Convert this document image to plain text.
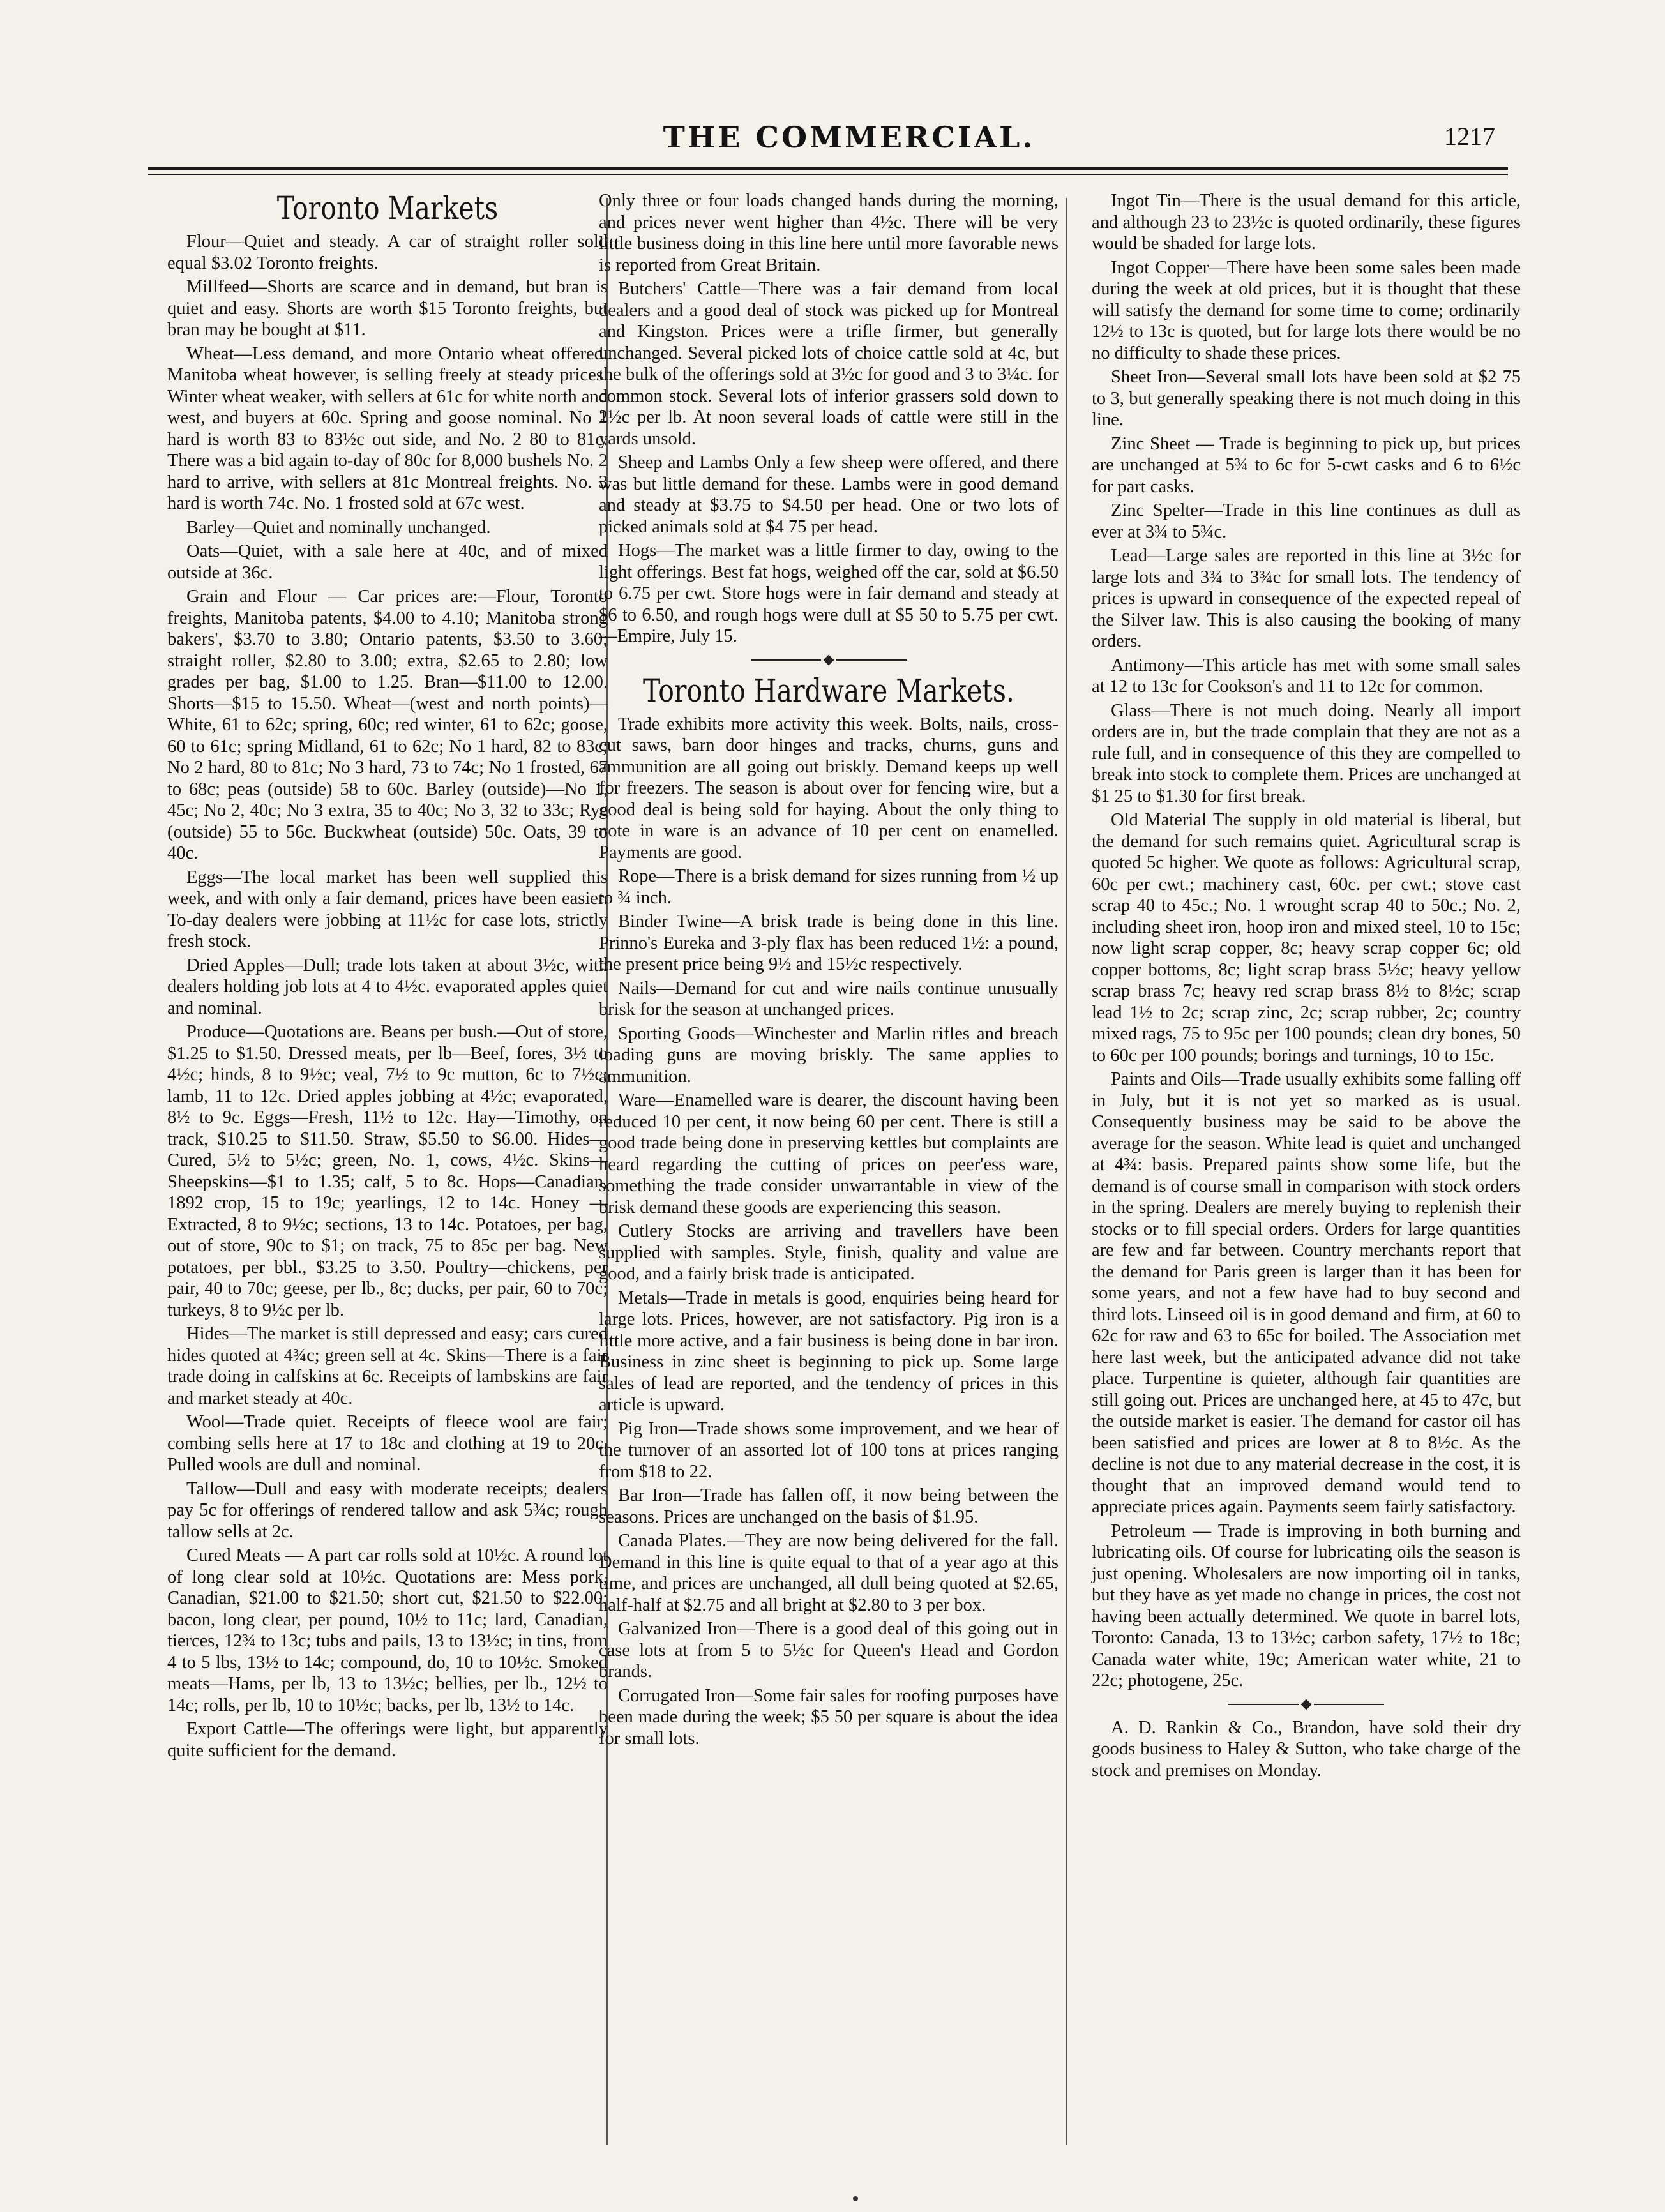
THE COMMERCIAL.	1217
Toronto Markets

Flour—Quiet and steady. A car of straight roller sold equal $3.02 Toronto freights.

Millfeed—Shorts are scarce and in demand, but bran is quiet and easy. Shorts are worth $15 Toronto freights, but bran may be bought at $11.

Wheat—Less demand, and more Ontario wheat offered. Manitoba wheat however, is selling freely at steady prices. Winter wheat weaker, with sellers at 61c for white north and west, and buyers at 60c. Spring and goose nominal. No 1 hard is worth 83 to 83½c out side, and No. 2 80 to 81c. There was a bid again to-day of 80c for 8,000 bushels No. 2 hard to arrive, with sellers at 81c Montreal freights. No. 3 hard is worth 74c. No. 1 frosted sold at 67c west.

Barley—Quiet and nominally unchanged.

Oats—Quiet, with a sale here at 40c, and of mixed outside at 36c.

Grain and Flour — Car prices are:—Flour, Toronto freights, Manitoba patents, $4.00 to 4.10; Manitoba strong bakers', $3.70 to 3.80; Ontario patents, $3.50 to 3.60; straight roller, $2.80 to 3.00; extra, $2.65 to 2.80; low grades per bag, $1.00 to 1.25. Bran—$11.00 to 12.00. Shorts—$15 to 15.50. Wheat—(west and north points)—White, 61 to 62c; spring, 60c; red winter, 61 to 62c; goose, 60 to 61c; spring Midland, 61 to 62c; No 1 hard, 82 to 83c; No 2 hard, 80 to 81c; No 3 hard, 73 to 74c; No 1 frosted, 67 to 68c; peas (outside) 58 to 60c. Barley (outside)—No 1, 45c; No 2, 40c; No 3 extra, 35 to 40c; No 3, 32 to 33c; Rye (outside) 55 to 56c. Buckwheat (outside) 50c. Oats, 39 to 40c.

Eggs—The local market has been well supplied this week, and with only a fair demand, prices have been easier. To-day dealers were jobbing at 11½c for case lots, strictly fresh stock.

Dried Apples—Dull; trade lots taken at about 3½c, with dealers holding job lots at 4 to 4½c. evaporated apples quiet and nominal.

Produce—Quotations are. Beans per bush.—Out of store, $1.25 to $1.50. Dressed meats, per lb—Beef, fores, 3½ to 4½c; hinds, 8 to 9½c; veal, 7½ to 9c mutton, 6c to 7½c; lamb, 11 to 12c. Dried apples jobbing at 4½c; evaporated, 8½ to 9c. Eggs—Fresh, 11½ to 12c. Hay—Timothy, on track, $10.25 to $11.50. Straw, $5.50 to $6.00. Hides—Cured, 5½ to 5½c; green, No. 1, cows, 4½c. Skins—Sheepskins—$1 to 1.35; calf, 5 to 8c. Hops—Canadian, 1892 crop, 15 to 19c; yearlings, 12 to 14c. Honey — Extracted, 8 to 9½c; sections, 13 to 14c. Potatoes, per bag, out of store, 90c to $1; on track, 75 to 85c per bag. New potatoes, per bbl., $3.25 to 3.50. Poultry—chickens, per pair, 40 to 70c; geese, per lb., 8c; ducks, per pair, 60 to 70c; turkeys, 8 to 9½c per lb.

Hides—The market is still depressed and easy; cars cured hides quoted at 4¾c; green sell at 4c. Skins—There is a fair trade doing in calfskins at 6c. Receipts of lambskins are fair and market steady at 40c.

Wool—Trade quiet. Receipts of fleece wool are fair; combing sells here at 17 to 18c and clothing at 19 to 20c. Pulled wools are dull and nominal.

Tallow—Dull and easy with moderate receipts; dealers pay 5c for offerings of rendered tallow and ask 5¾c; rough tallow sells at 2c.

Cured Meats — A part car rolls sold at 10½c. A round lot of long clear sold at 10½c. Quotations are: Mess pork, Canadian, $21.00 to $21.50; short cut, $21.50 to $22.00; bacon, long clear, per pound, 10½ to 11c; lard, Canadian, tierces, 12¾ to 13c; tubs and pails, 13 to 13½c; in tins, from 4 to 5 lbs, 13½ to 14c; compound, do, 10 to 10½c. Smoked meats—Hams, per lb, 13 to 13½c; bellies, per lb., 12½ to 14c; rolls, per lb, 10 to 10½c; backs, per lb, 13½ to 14c.

Export Cattle—The offerings were light, but apparently quite sufficient for the demand.

Only three or four loads changed hands during the morning, and prices never went higher than 4½c. There will be very little business doing in this line here until more favorable news is reported from Great Britain.

Butchers' Cattle—There was a fair demand from local dealers and a good deal of stock was picked up for Montreal and Kingston. Prices were a trifle firmer, but generally unchanged. Several picked lots of choice cattle sold at 4c, but the bulk of the offerings sold at 3½c for good and 3 to 3¼c. for common stock. Several lots of inferior grassers sold down to 2½c per lb. At noon several loads of cattle were still in the yards unsold.

Sheep and Lambs Only a few sheep were offered, and there was but little demand for these. Lambs were in good demand and steady at $3.75 to $4.50 per head. One or two lots of picked animals sold at $4 75 per head.

Hogs—The market was a little firmer to day, owing to the light offerings. Best fat hogs, weighed off the car, sold at $6.50 to 6.75 per cwt. Store hogs were in fair demand and steady at $6 to 6.50, and rough hogs were dull at $5 50 to 5.75 per cwt.—Empire, July 15.

Toronto Hardware Markets.

Trade exhibits more activity this week. Bolts, nails, cross-cut saws, barn door hinges and tracks, churns, guns and ammunition are all going out briskly. Demand keeps up well for freezers. The season is about over for fencing wire, but a good deal is being sold for haying. About the only thing to note in ware is an advance of 10 per cent on enamelled. Payments are good.

Rope—There is a brisk demand for sizes running from ½ up to ¾ inch.

Binder Twine—A brisk trade is being done in this line. Prinno's Eureka and 3-ply flax has been reduced 1½: a pound, the present price being 9½ and 15½c respectively.

Nails—Demand for cut and wire nails continue unusually brisk for the season at unchanged prices.

Sporting Goods—Winchester and Marlin rifles and breach loading guns are moving briskly. The same applies to ammunition.

Ware—Enamelled ware is dearer, the discount having been reduced 10 per cent, it now being 60 per cent. There is still a good trade being done in preserving kettles but complaints are heard regarding the cutting of prices on peer'ess ware, something the trade consider unwarrantable in view of the brisk demand these goods are experiencing this season.

Cutlery Stocks are arriving and travellers have been supplied with samples. Style, finish, quality and value are good, and a fairly brisk trade is anticipated.

Metals—Trade in metals is good, enquiries being heard for large lots. Prices, however, are not satisfactory. Pig iron is a little more active, and a fair business is being done in bar iron. Business in zinc sheet is beginning to pick up. Some large sales of lead are reported, and the tendency of prices in this article is upward.

Pig Iron—Trade shows some improvement, and we hear of the turnover of an assorted lot of 100 tons at prices ranging from $18 to 22.

Bar Iron—Trade has fallen off, it now being between the seasons. Prices are unchanged on the basis of $1.95.

Canada Plates.—They are now being delivered for the fall. Demand in this line is quite equal to that of a year ago at this time, and prices are unchanged, all dull being quoted at $2.65, half-half at $2.75 and all bright at $2.80 to 3 per box.

Galvanized Iron—There is a good deal of this going out in case lots at from 5 to 5½c for Queen's Head and Gordon brands.

Corrugated Iron—Some fair sales for roofing purposes have been made during the week; $5 50 per square is about the idea for small lots.

Ingot Tin—There is the usual demand for this article, and although 23 to 23½c is quoted ordinarily, these figures would be shaded for large lots.

Ingot Copper—There have been some sales been made during the week at old prices, but it is thought that these will satisfy the demand for some time to come; ordinarily 12½ to 13c is quoted, but for large lots there would be no no difficulty to shade these prices.

Sheet Iron—Several small lots have been sold at $2 75 to 3, but generally speaking there is not much doing in this line.

Zinc Sheet — Trade is beginning to pick up, but prices are unchanged at 5¾ to 6c for 5-cwt casks and 6 to 6½c for part casks.

Zinc Spelter—Trade in this line continues as dull as ever at 3¾ to 5¾c.

Lead—Large sales are reported in this line at 3½c for large lots and 3¾ to 3¾c for small lots. The tendency of prices is upward in consequence of the expected repeal of the Silver law. This is also causing the booking of many orders.

Antimony—This article has met with some small sales at 12 to 13c for Cookson's and 11 to 12c for common.

Glass—There is not much doing. Nearly all import orders are in, but the trade complain that they are not as a rule full, and in consequence of this they are compelled to break into stock to complete them. Prices are unchanged at $1 25 to $1.30 for first break.

Old Material The supply in old material is liberal, but the demand for such remains quiet. Agricultural scrap is quoted 5c higher. We quote as follows: Agricultural scrap, 60c per cwt.; machinery cast, 60c. per cwt.; stove cast scrap 40 to 45c.; No. 1 wrought scrap 40 to 50c.; No. 2, including sheet iron, hoop iron and mixed steel, 10 to 15c; now light scrap copper, 8c; heavy scrap copper 6c; old copper bottoms, 8c; light scrap brass 5½c; heavy yellow scrap brass 7c; heavy red scrap brass 8½ to 8½c; scrap lead 1½ to 2c; scrap zinc, 2c; scrap rubber, 2c; country mixed rags, 75 to 95c per 100 pounds; clean dry bones, 50 to 60c per 100 pounds; borings and turnings, 10 to 15c.

Paints and Oils—Trade usually exhibits some falling off in July, but it is not yet so marked as is usual. Consequently business may be said to be above the average for the season. White lead is quiet and unchanged at 4¾: basis. Prepared paints show some life, but the demand is of course small in comparison with stock orders in the spring. Dealers are merely buying to replenish their stocks or to fill special orders. Orders for large quantities are few and far between. Country merchants report that the demand for Paris green is larger than it has been for some years, and not a few have had to buy second and third lots. Linseed oil is in good demand and firm, at 60 to 62c for raw and 63 to 65c for boiled. The Association met here last week, but the anticipated advance did not take place. Turpentine is quieter, although fair quantities are still going out. Prices are unchanged here, at 45 to 47c, but the outside market is easier. The demand for castor oil has been satisfied and prices are lower at 8 to 8½c. As the decline is not due to any material decrease in the cost, it is thought that an improved demand would tend to appreciate prices again. Payments seem fairly satisfactory.

Petroleum — Trade is improving in both burning and lubricating oils. Of course for lubricating oils the season is just opening. Wholesalers are now importing oil in tanks, but they have as yet made no change in prices, the cost not having been actually determined. We quote in barrel lots, Toronto: Canada, 13 to 13½c; carbon safety, 17½ to 18c; Canada water white, 19c; American water white, 21 to 22c; photogene, 25c.

A. D. Rankin & Co., Brandon, have sold their dry goods business to Haley & Sutton, who take charge of the stock and premises on Monday.
